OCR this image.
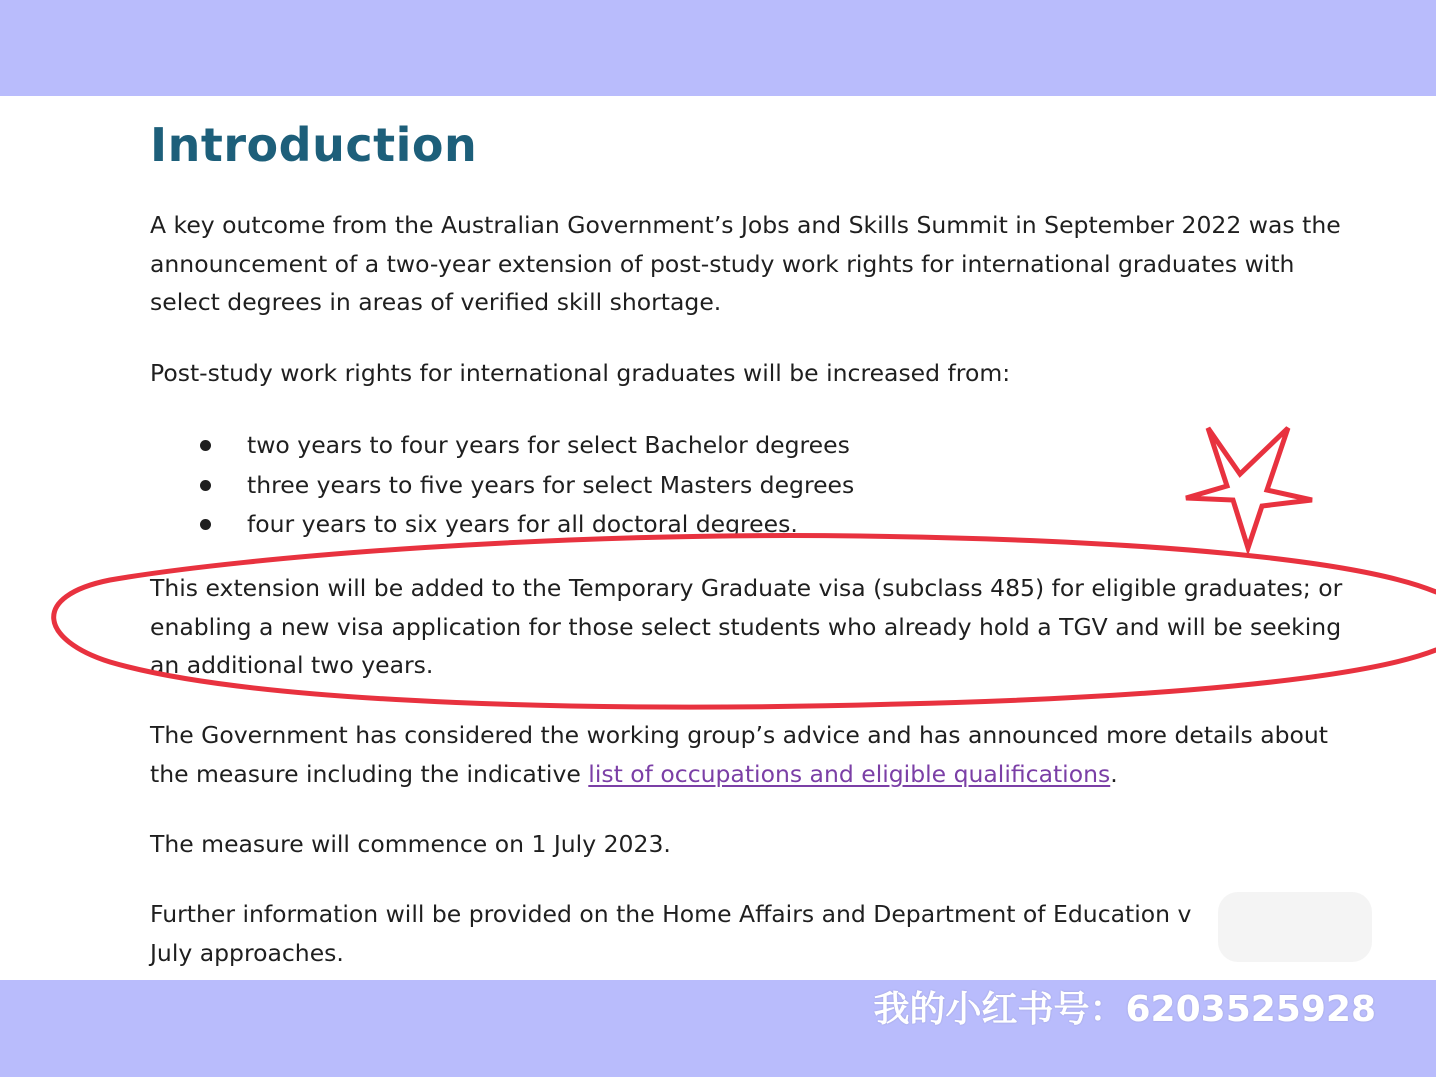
Introduction

A key outcome from the Australian Government’s Jobs and Skills Summit in September 2022 was the
announcement of a two-year extension of post-study work rights for international graduates with
select degrees in areas of verified skill shortage.

Post-study work rights for international graduates will be increased from:

two years to four years for select Bachelor degrees
three years to five years for select Masters degrees
four years to six years for all doctoral degrees.

This extension will be added to the Temporary Graduate visa (subclass 485) for eligible graduates; or
enabling a new visa application for those select students who already hold a TGV and will be seeking
an additional two years.

The Government has considered the working group’s advice and has announced more details about
the measure including the indicative list of occupations and eligible qualifications.

The measure will commence on 1 July 2023.

Further information will be provided on the Home Affairs and Department of Education v
July approaches.

我的小红书号：6203525928
